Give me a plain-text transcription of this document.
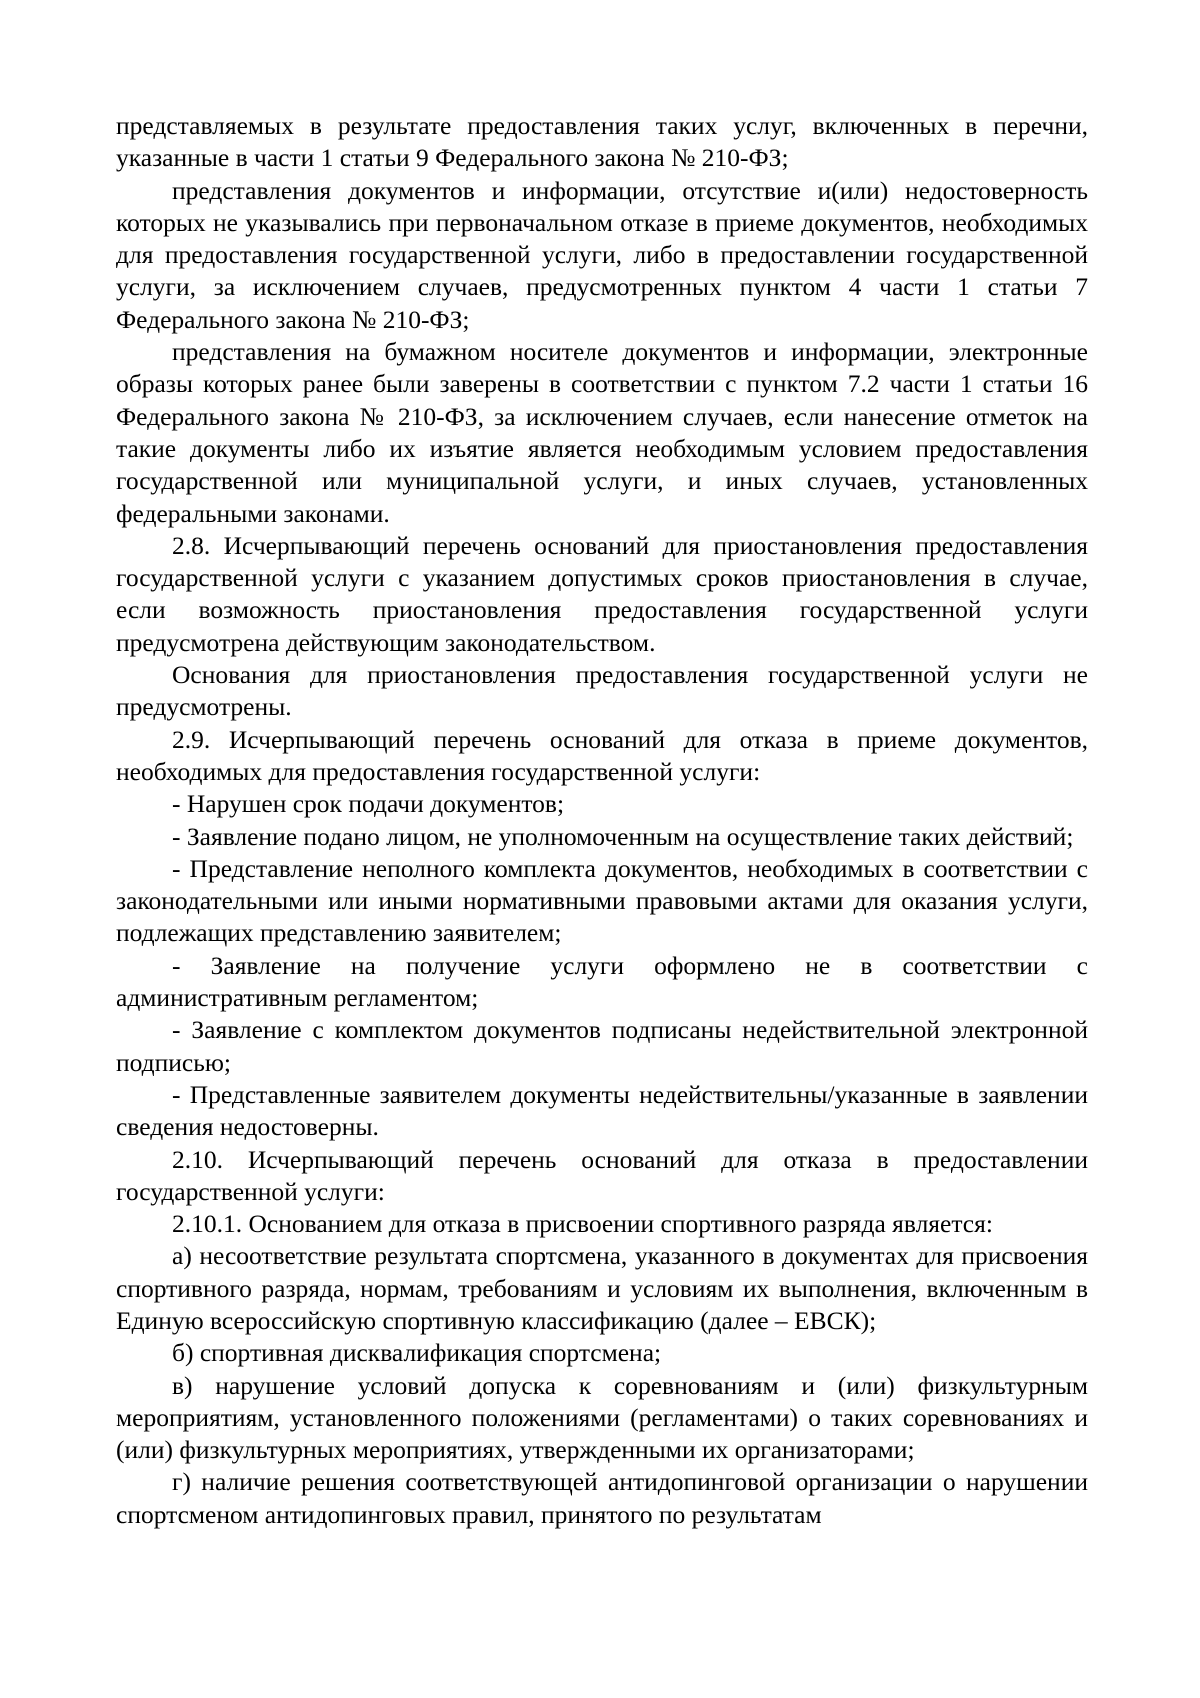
представляемых в результате предоставления таких услуг, включенных в перечни, указанные в части 1 статьи 9 Федерального закона № 210-ФЗ;

представления документов и информации, отсутствие и(или) недостоверность которых не указывались при первоначальном отказе в приеме документов, необходимых для предоставления государственной услуги, либо в предоставлении государственной услуги, за исключением случаев, предусмотренных пунктом 4 части 1 статьи 7 Федерального закона № 210-ФЗ;

представления на бумажном носителе документов и информации, электронные образы которых ранее были заверены в соответствии с пунктом 7.2 части 1 статьи 16 Федерального закона № 210-ФЗ, за исключением случаев, если нанесение отметок на такие документы либо их изъятие является необходимым условием предоставления государственной или муниципальной услуги, и иных случаев, установленных федеральными законами.

2.8. Исчерпывающий перечень оснований для приостановления предоставления государственной услуги с указанием допустимых сроков приостановления в случае, если возможность приостановления предоставления государственной услуги предусмотрена действующим законодательством.

Основания для приостановления предоставления государственной услуги не предусмотрены.

2.9. Исчерпывающий перечень оснований для отказа в приеме документов, необходимых для предоставления государственной услуги:

- Нарушен срок подачи документов;

- Заявление подано лицом, не уполномоченным на осуществление таких действий;

- Представление неполного комплекта документов, необходимых в соответствии с законодательными или иными нормативными правовыми актами для оказания услуги, подлежащих представлению заявителем;

- Заявление на получение услуги оформлено не в соответствии с административным регламентом;

- Заявление с комплектом документов подписаны недействительной электронной подписью;

- Представленные заявителем документы недействительны/указанные в заявлении сведения недостоверны.

2.10. Исчерпывающий перечень оснований для отказа в предоставлении государственной услуги:

2.10.1. Основанием для отказа в присвоении спортивного разряда является:

а) несоответствие результата спортсмена, указанного в документах для присвоения спортивного разряда, нормам, требованиям и условиям их выполнения, включенным в Единую всероссийскую спортивную классификацию (далее – ЕВСК);

б) спортивная дисквалификация спортсмена;

в) нарушение условий допуска к соревнованиям и (или) физкультурным мероприятиям, установленного положениями (регламентами) о таких соревнованиях и (или) физкультурных мероприятиях, утвержденными их организаторами;

г) наличие решения соответствующей антидопинговой организации о нарушении спортсменом антидопинговых правил, принятого по результатам
